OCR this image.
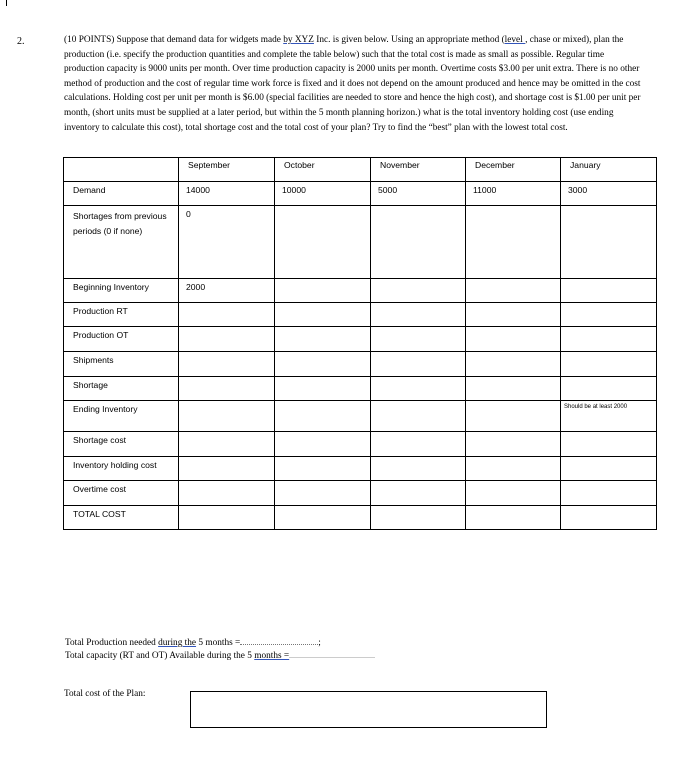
2.	(10 POINTS) Suppose that demand data for widgets made by XYZ Inc. is given below. Using an appropriate method (level , chase or mixed), plan the production (i.e. specify the production quantities and complete the table below) such that the total cost is made as small as possible. Regular time production capacity is 9000 units per month. Over time production capacity is 2000 units per month. Overtime costs $3.00 per unit extra. There is no other method of production and the cost of regular time work force is fixed and it does not depend on the amount produced and hence may be omitted in the cost calculations. Holding cost per unit per month is $6.00 (special facilities are needed to store and hence the high cost), and shortage cost is $1.00 per unit per month, (short units must be supplied at a later period, but within the 5 month planning horizon.) what is the total inventory holding cost (use ending inventory to calculate this cost), total shortage cost and the total cost of your plan? Try to find the “best” plan with the lowest total cost.
	September	October	November	December	January
Demand	14000	10000	5000	11000	3000
Shortages from previous periods (0 if none)	0				
Beginning Inventory	2000				
Production RT					
Production OT					
Shipments					
Shortage					
Ending Inventory					Should be at least 2000
Shortage cost					
Inventory holding cost					
Overtime cost					
TOTAL COST					
Total Production needed during the 5 months =	;
Total capacity (RT and OT) Available during the 5 months =
Total cost of the Plan:
